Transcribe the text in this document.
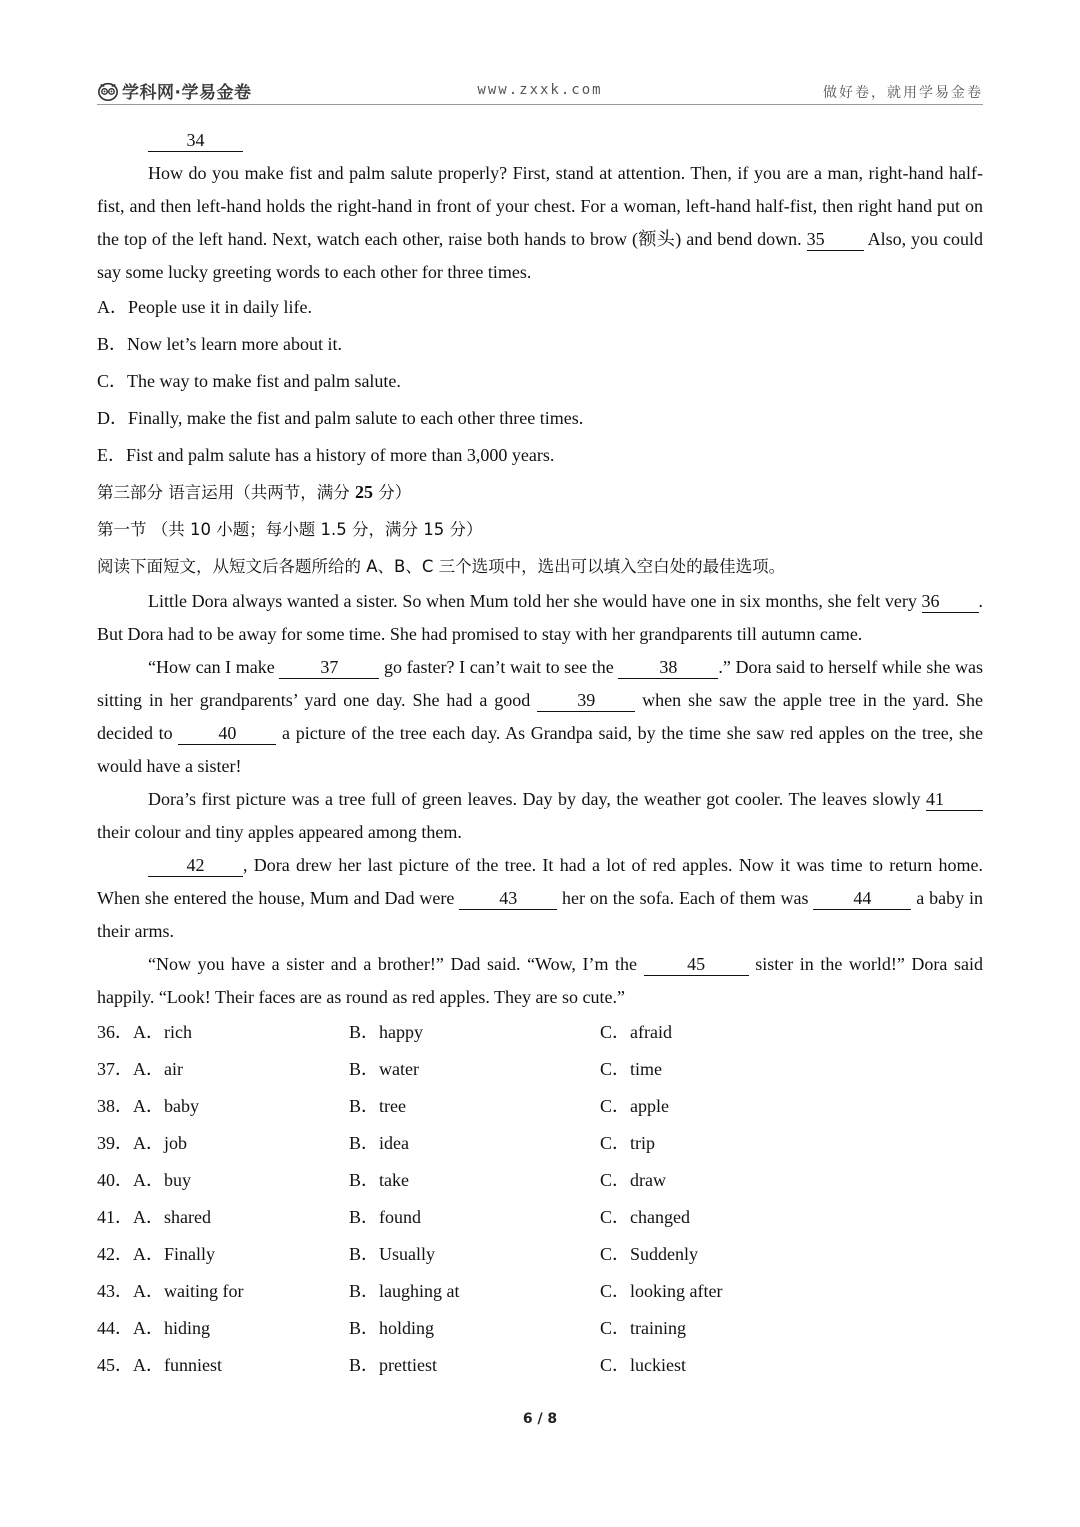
学科网·学易金卷	www.zxxk.com	做好卷，就用学易金卷

34

How do you make fist and palm salute properly? First, stand at attention. Then, if you are a man, right-hand half-fist, and then left-hand holds the right-hand in front of your chest. For a woman, left-hand half-fist, then right hand put on the top of the left hand. Next, watch each other, raise both hands to brow (额头) and bend down. 35 Also, you could say some lucky greeting words to each other for three times.

A．People use it in daily life.

B．Now let’s learn more about it.

C．The way to make fist and palm salute.

D．Finally, make the fist and palm salute to each other three times.

E．Fist and palm salute has a history of more than 3,000 years.

第三部分 语言运用（共两节，满分 25 分）

第一节 （共 10 小题；每小题 1.5 分，满分 15 分）

阅读下面短文，从短文后各题所给的 A、B、C 三个选项中，选出可以填入空白处的最佳选项。

Little Dora always wanted a sister. So when Mum told her she would have one in six months, she felt very 36 . But Dora had to be away for some time. She had promised to stay with her grandparents till autumn came.

“How can I make 37 go faster? I can’t wait to see the 38 .” Dora said to herself while she was sitting in her grandparents’ yard one day. She had a good 39 when she saw the apple tree in the yard. She decided to 40 a picture of the tree each day. As Grandpa said, by the time she saw red apples on the tree, she would have a sister!

Dora’s first picture was a tree full of green leaves. Day by day, the weather got cooler. The leaves slowly 41 their colour and tiny apples appeared among them.

42 , Dora drew her last picture of the tree. It had a lot of red apples. Now it was time to return home. When she entered the house, Mum and Dad were 43 her on the sofa. Each of them was 44 a baby in their arms.

“Now you have a sister and a brother!” Dad said. “Wow, I’m the 45 sister in the world!” Dora said happily. “Look! Their faces are as round as red apples. They are so cute.”

36．A．rich	B．happy	C．afraid
37．A．air	B．water	C．time
38．A．baby	B．tree	C．apple
39．A．job	B．idea	C．trip
40．A．buy	B．take	C．draw
41．A．shared	B．found	C．changed
42．A．Finally	B．Usually	C．Suddenly
43．A．waiting for	B．laughing at	C．looking after
44．A．hiding	B．holding	C．training
45．A．funniest	B．prettiest	C．luckiest
6 / 8
